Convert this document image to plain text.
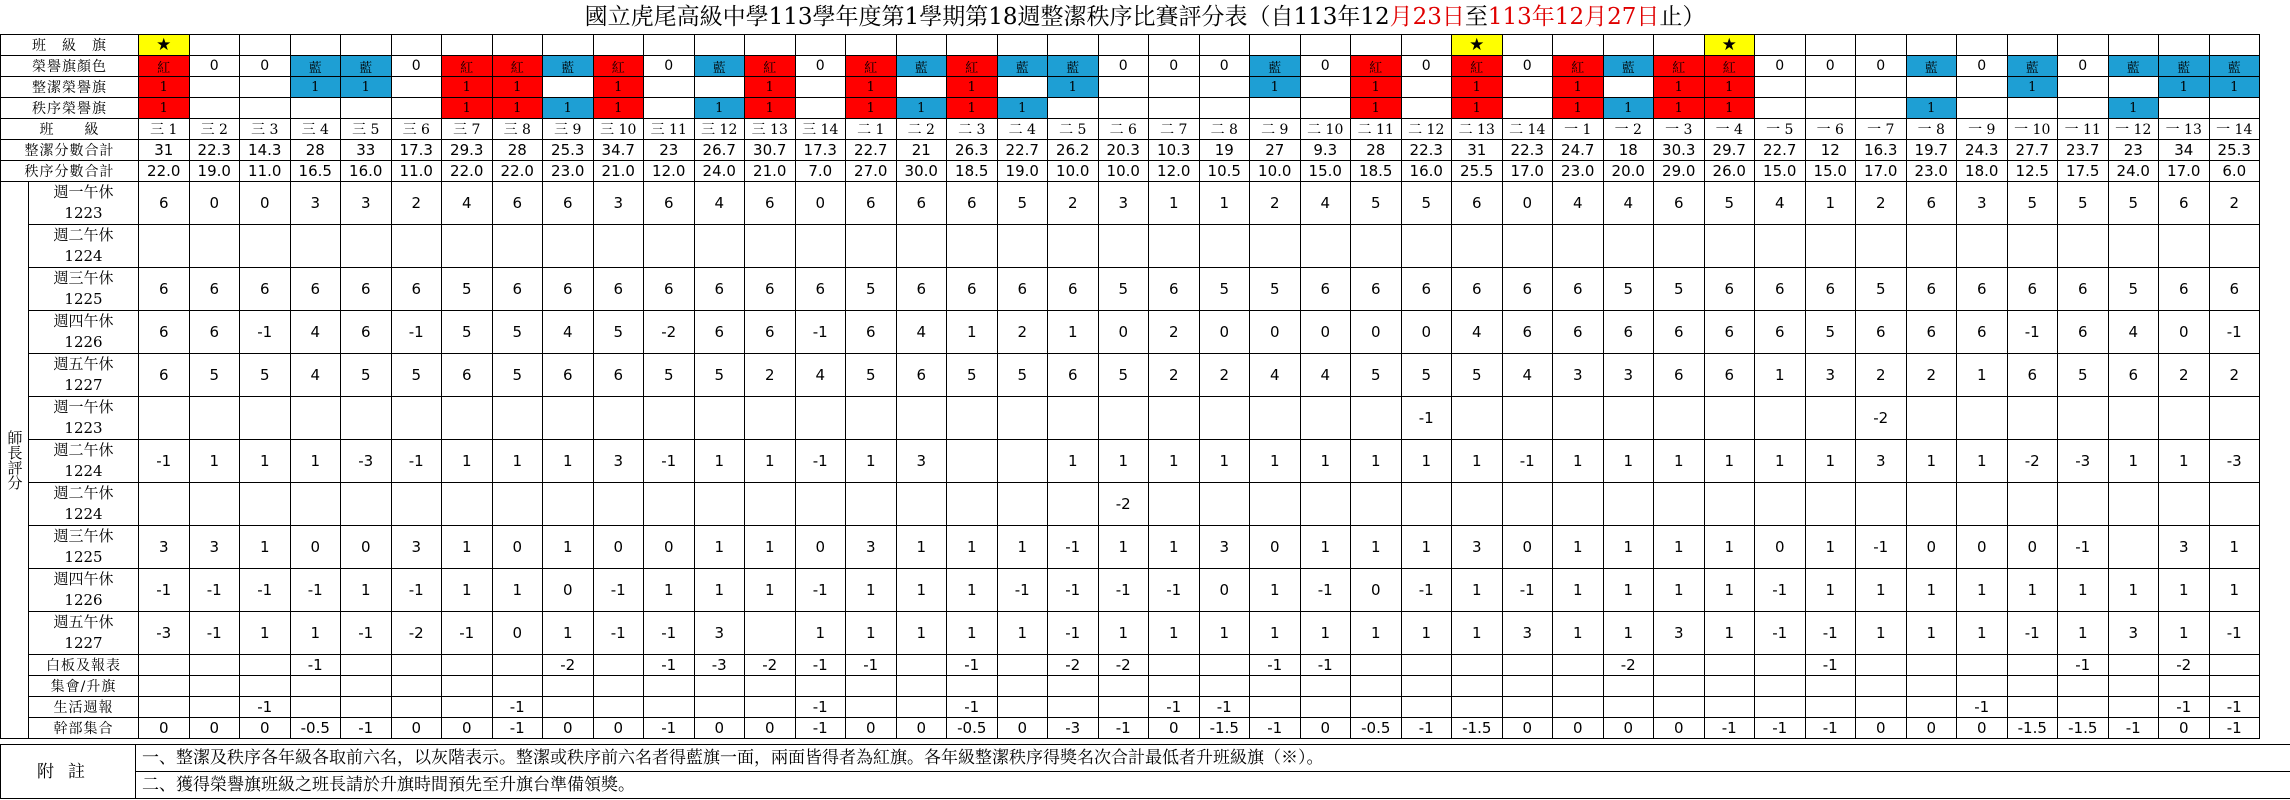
國立虎尾高級中學113學年度第1學期第18週整潔秩序比賽評分表（自113年12月23日至113年12月27日止）
班　級　旗		★																										★					★										
榮譽旗顏色		紅	0	0	藍	藍	0	紅	紅	藍	紅	0	藍	紅	0	紅	藍	紅	藍	藍	0	0	0	藍	0	紅	0	紅	0	紅	藍	紅	紅	0	0	0	藍	0	藍	0	藍	藍	藍
整潔榮譽旗		1			1	1		1	1		1			1		1		1		1				1		1		1		1		1	1						1			1	1
秩序榮譽旗		1						1	1	1	1		1	1		1	1	1	1							1		1		1	1	1	1				1				1		
班　　級		三 1	三 2	三 3	三 4	三 5	三 6	三 7	三 8	三 9	三 10	三 11	三 12	三 13	三 14	二 1	二 2	二 3	二 4	二 5	二 6	二 7	二 8	二 9	二 10	二 11	二 12	二 13	二 14	一 1	一 2	一 3	一 4	一 5	一 6	一 7	一 8	一 9	一 10	一 11	一 12	一 13	一 14
整潔分數合計		31	22.3	14.3	28	33	17.3	29.3	28	25.3	34.7	23	26.7	30.7	17.3	22.7	21	26.3	22.7	26.2	20.3	10.3	19	27	9.3	28	22.3	31	22.3	24.7	18	30.3	29.7	22.7	12	16.3	19.7	24.3	27.7	23.7	23	34	25.3
秩序分數合計		22.0	19.0	11.0	16.5	16.0	11.0	22.0	22.0	23.0	21.0	12.0	24.0	21.0	7.0	27.0	30.0	18.5	19.0	10.0	10.0	12.0	10.5	10.0	15.0	18.5	16.0	25.5	17.0	23.0	20.0	29.0	26.0	15.0	15.0	17.0	23.0	18.0	12.5	17.5	24.0	17.0	6.0
師長評分	週一午休
1223	6	0	0	3	3	2	4	6	6	3	6	4	6	0	6	6	6	5	2	3	1	1	2	4	5	5	6	0	4	4	6	5	4	1	2	6	3	5	5	5	6	2

	週二午休
1224																																										

	週三午休
1225	6	6	6	6	6	6	5	6	6	6	6	6	6	6	5	6	6	6	6	5	6	5	5	6	6	6	6	6	6	5	5	6	6	6	5	6	6	6	6	5	6	6

	週四午休
1226	6	6	-1	4	6	-1	5	5	4	5	-2	6	6	-1	6	4	1	2	1	0	2	0	0	0	0	0	4	6	6	6	6	6	6	5	6	6	6	-1	6	4	0	-1

	週五午休
1227	6	5	5	4	5	5	6	5	6	6	5	5	2	4	5	6	5	5	6	5	2	2	4	4	5	5	5	4	3	3	6	6	1	3	2	2	1	6	5	6	2	2

	週一午休
1223																										-1									-2							

	週二午休
1224	-1	1	1	1	-3	-1	1	1	1	3	-1	1	1	-1	1	3			1	1	1	1	1	1	1	1	1	-1	1	1	1	1	1	1	3	1	1	-2	-3	1	1	-3

	週二午休
1224																				-2																						

	週三午休
1225	3	3	1	0	0	3	1	0	1	0	0	1	1	0	3	1	1	1	-1	1	1	3	0	1	1	1	3	0	1	1	1	1	0	1	-1	0	0	0	-1		3	1

	週四午休
1226	-1	-1	-1	-1	1	-1	1	1	0	-1	1	1	1	-1	1	1	1	-1	-1	-1	-1	0	1	-1	0	-1	1	-1	1	1	1	1	-1	1	1	1	1	1	1	1	1	1

	週五午休
1227	-3	-1	1	1	-1	-2	-1	0	1	-1	-1	3		1	1	1	1	1	-1	1	1	1	1	1	1	1	1	3	1	1	3	1	-1	-1	1	1	1	-1	1	3	1	-1
	白板及報表				-1					-2		-1	-3	-2	-1	-1		-1		-2	-2			-1	-1						-2				-1					-1		-2	
	集會/升旗																																										
	生活週報			-1					-1						-1			-1				-1	-1															-1				-1	-1
	幹部集合	0	0	0	-0.5	-1	0	0	-1	0	0	-1	0	0	-1	0	0	-0.5	0	-3	-1	0	-1.5	-1	0	-0.5	-1	-1.5	0	0	0	0	-1	-1	-1	0	0	0	-1.5	-1.5	-1	0	-1
附註	一、整潔及秩序各年級各取前六名，以灰階表示。整潔或秩序前六名者得藍旗一面，兩面皆得者為紅旗。各年級整潔秩序得獎名次合計最低者升班級旗（※）。
二、獲得榮譽旗班級之班長請於升旗時間預先至升旗台準備領獎。
